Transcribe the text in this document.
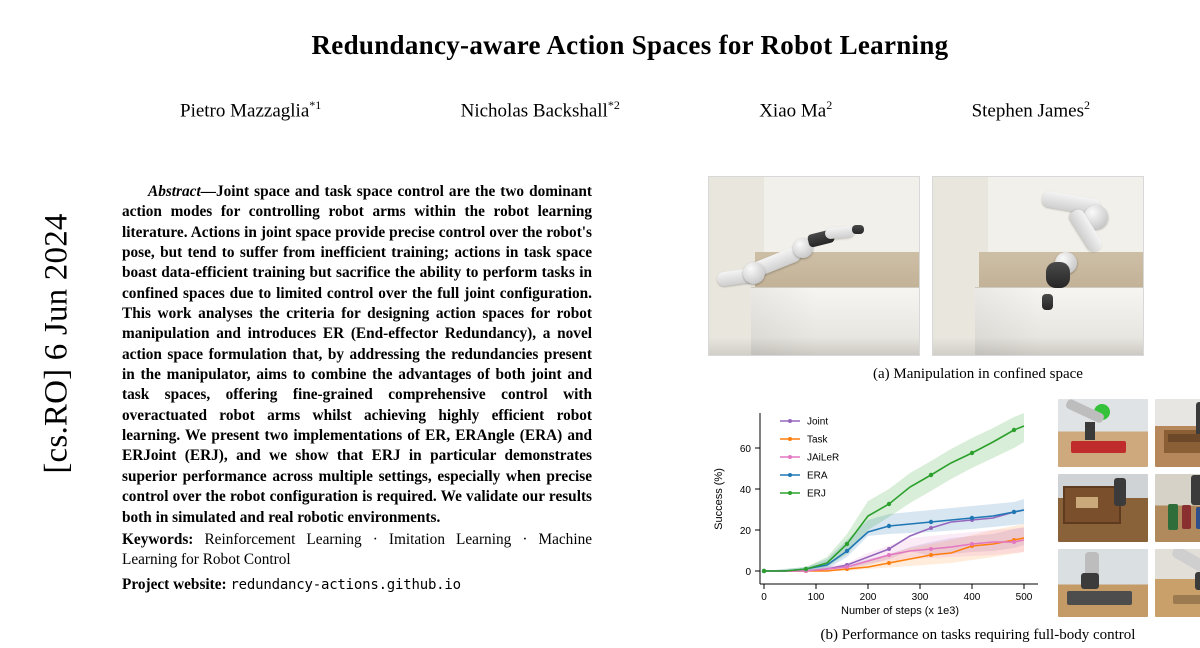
[cs.RO] 6 Jun 2024
Redundancy-aware Action Spaces for Robot Learning
Pietro Mazzaglia$^{*1}$	Nicholas Backshall$^{*2}$	Xiao Ma$^2$	Stephen James$^2$

Abstract—Joint space and task space control are the two dominant action modes for controlling robot arms within the robot learning literature. Actions in joint space provide precise control over the robot's pose, but tend to suffer from inefficient training; actions in task space boast data-efficient training but sacrifice the ability to perform tasks in confined spaces due to limited control over the full joint configuration. This work analyses the criteria for designing action spaces for robot manipulation and introduces ER (End-effector Redundancy), a novel action space formulation that, by addressing the redundancies present in the manipulator, aims to combine the advantages of both joint and task spaces, offering fine-grained comprehensive control with overactuated robot arms whilst achieving highly efficient robot learning. We present two implementations of ER, ERAngle (ERA) and ERJoint (ERJ), and we show that ERJ in particular demonstrates superior performance across multiple settings, especially when precise control over the robot configuration is required. We validate our results both in simulated and real robotic environments.

Keywords: Reinforcement Learning · Imitation Learning · Machine Learning for Robot Control
Project website: redundancy-actions.github.io
(a) Manipulation in confined space
0
20
40
60
0	100	200	300	400	500
Number of steps (x 1e3)
Success (%)
Joint
Task
JAiLeR
ERA
ERJ
(b) Performance on tasks requiring full-body control
